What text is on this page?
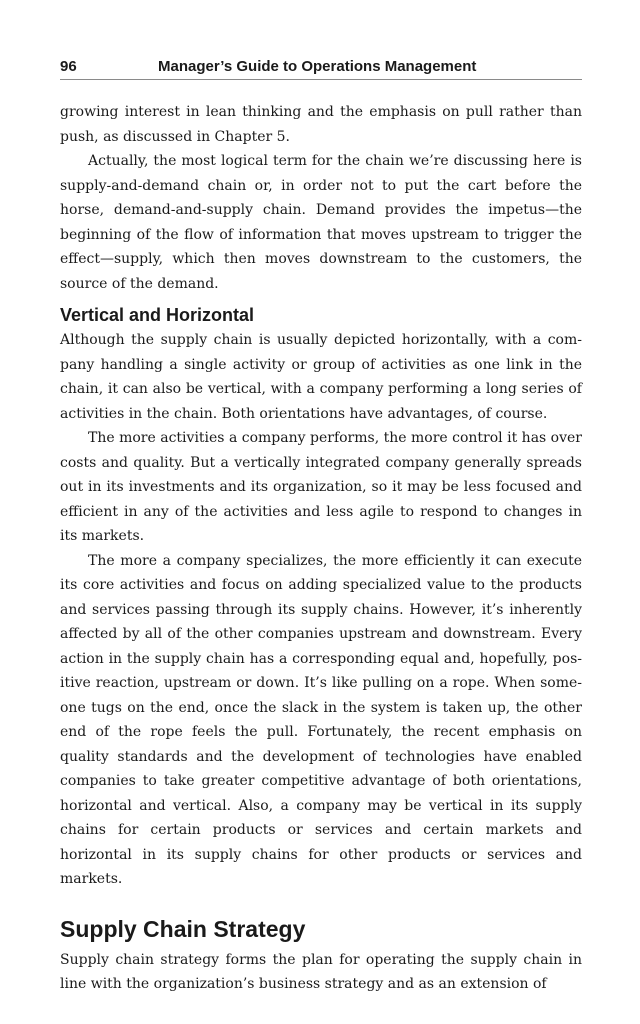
96	Manager’s Guide to Operations Management

growing interest in lean thinking and the emphasis on pull rather than push, as discussed in Chapter 5.

Actually, the most logical term for the chain we’re discussing here is supply-and-demand chain or, in order not to put the cart before the horse, demand-and-supply chain. Demand provides the impetus—the beginning of the flow of information that moves upstream to trigger the effect—supply, which then moves downstream to the customers, the source of the demand.

Vertical and Horizontal

Although the supply chain is usually depicted horizontally, with a company handling a single activity or group of activities as one link in the chain, it can also be vertical, with a company performing a long series of activities in the chain. Both orientations have advantages, of course.

The more activities a company performs, the more control it has over costs and quality. But a vertically integrated company generally spreads out in its investments and its organization, so it may be less focused and efficient in any of the activities and less agile to respond to changes in its markets.

The more a company specializes, the more efficiently it can execute its core activities and focus on adding specialized value to the products and services passing through its supply chains. However, it’s inherently affected by all of the other companies upstream and downstream. Every action in the supply chain has a corresponding equal and, hopefully, positive reaction, upstream or down. It’s like pulling on a rope. When someone tugs on the end, once the slack in the system is taken up, the other end of the rope feels the pull. Fortunately, the recent emphasis on quality standards and the development of technologies have enabled companies to take greater competitive advantage of both orientations, horizontal and vertical. Also, a company may be vertical in its supply chains for certain products or services and certain markets and horizontal in its supply chains for other products or services and markets.

Supply Chain Strategy

Supply chain strategy forms the plan for operating the supply chain in line with the organization’s business strategy and as an extension of
